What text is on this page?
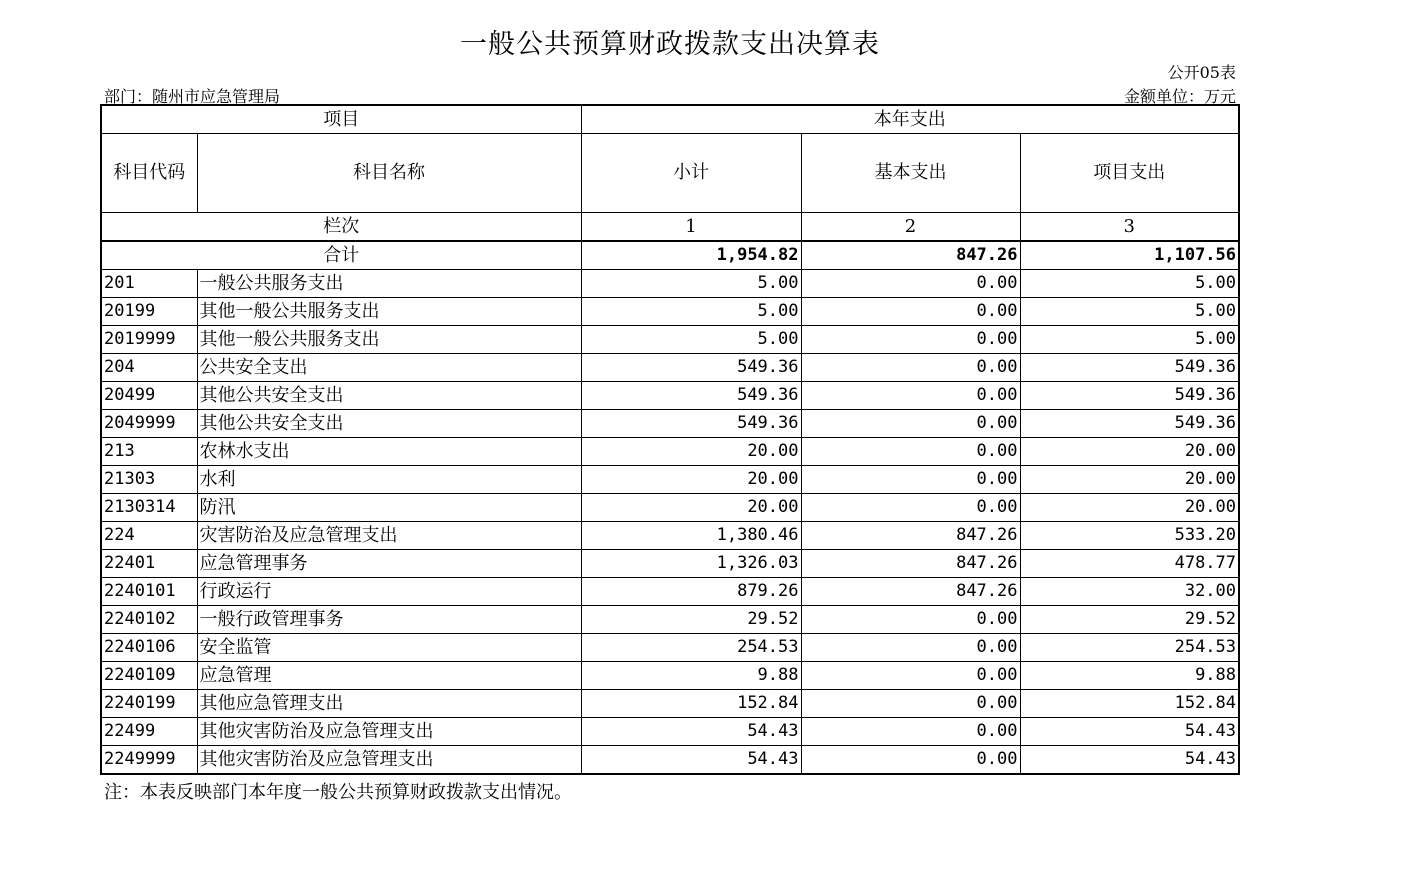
一般公共预算财政拨款支出决算表
公开05表
部门：随州市应急管理局	金额单位：万元
项目		本年支出		
科目代码	科目名称	小计	基本支出	项目支出
栏次		1	2	3
合计		1,954.82	847.26	1,107.56
201	一般公共服务支出	5.00	0.00	5.00
20199	其他一般公共服务支出	5.00	0.00	5.00
2019999	其他一般公共服务支出	5.00	0.00	5.00
204	公共安全支出	549.36	0.00	549.36
20499	其他公共安全支出	549.36	0.00	549.36
2049999	其他公共安全支出	549.36	0.00	549.36
213	农林水支出	20.00	0.00	20.00
21303	水利	20.00	0.00	20.00
2130314	防汛	20.00	0.00	20.00
224	灾害防治及应急管理支出	1,380.46	847.26	533.20
22401	应急管理事务	1,326.03	847.26	478.77
2240101	行政运行	879.26	847.26	32.00
2240102	一般行政管理事务	29.52	0.00	29.52
2240106	安全监管	254.53	0.00	254.53
2240109	应急管理	9.88	0.00	9.88
2240199	其他应急管理支出	152.84	0.00	152.84
22499	其他灾害防治及应急管理支出	54.43	0.00	54.43
2249999	其他灾害防治及应急管理支出	54.43	0.00	54.43
注：本表反映部门本年度一般公共预算财政拨款支出情况。
